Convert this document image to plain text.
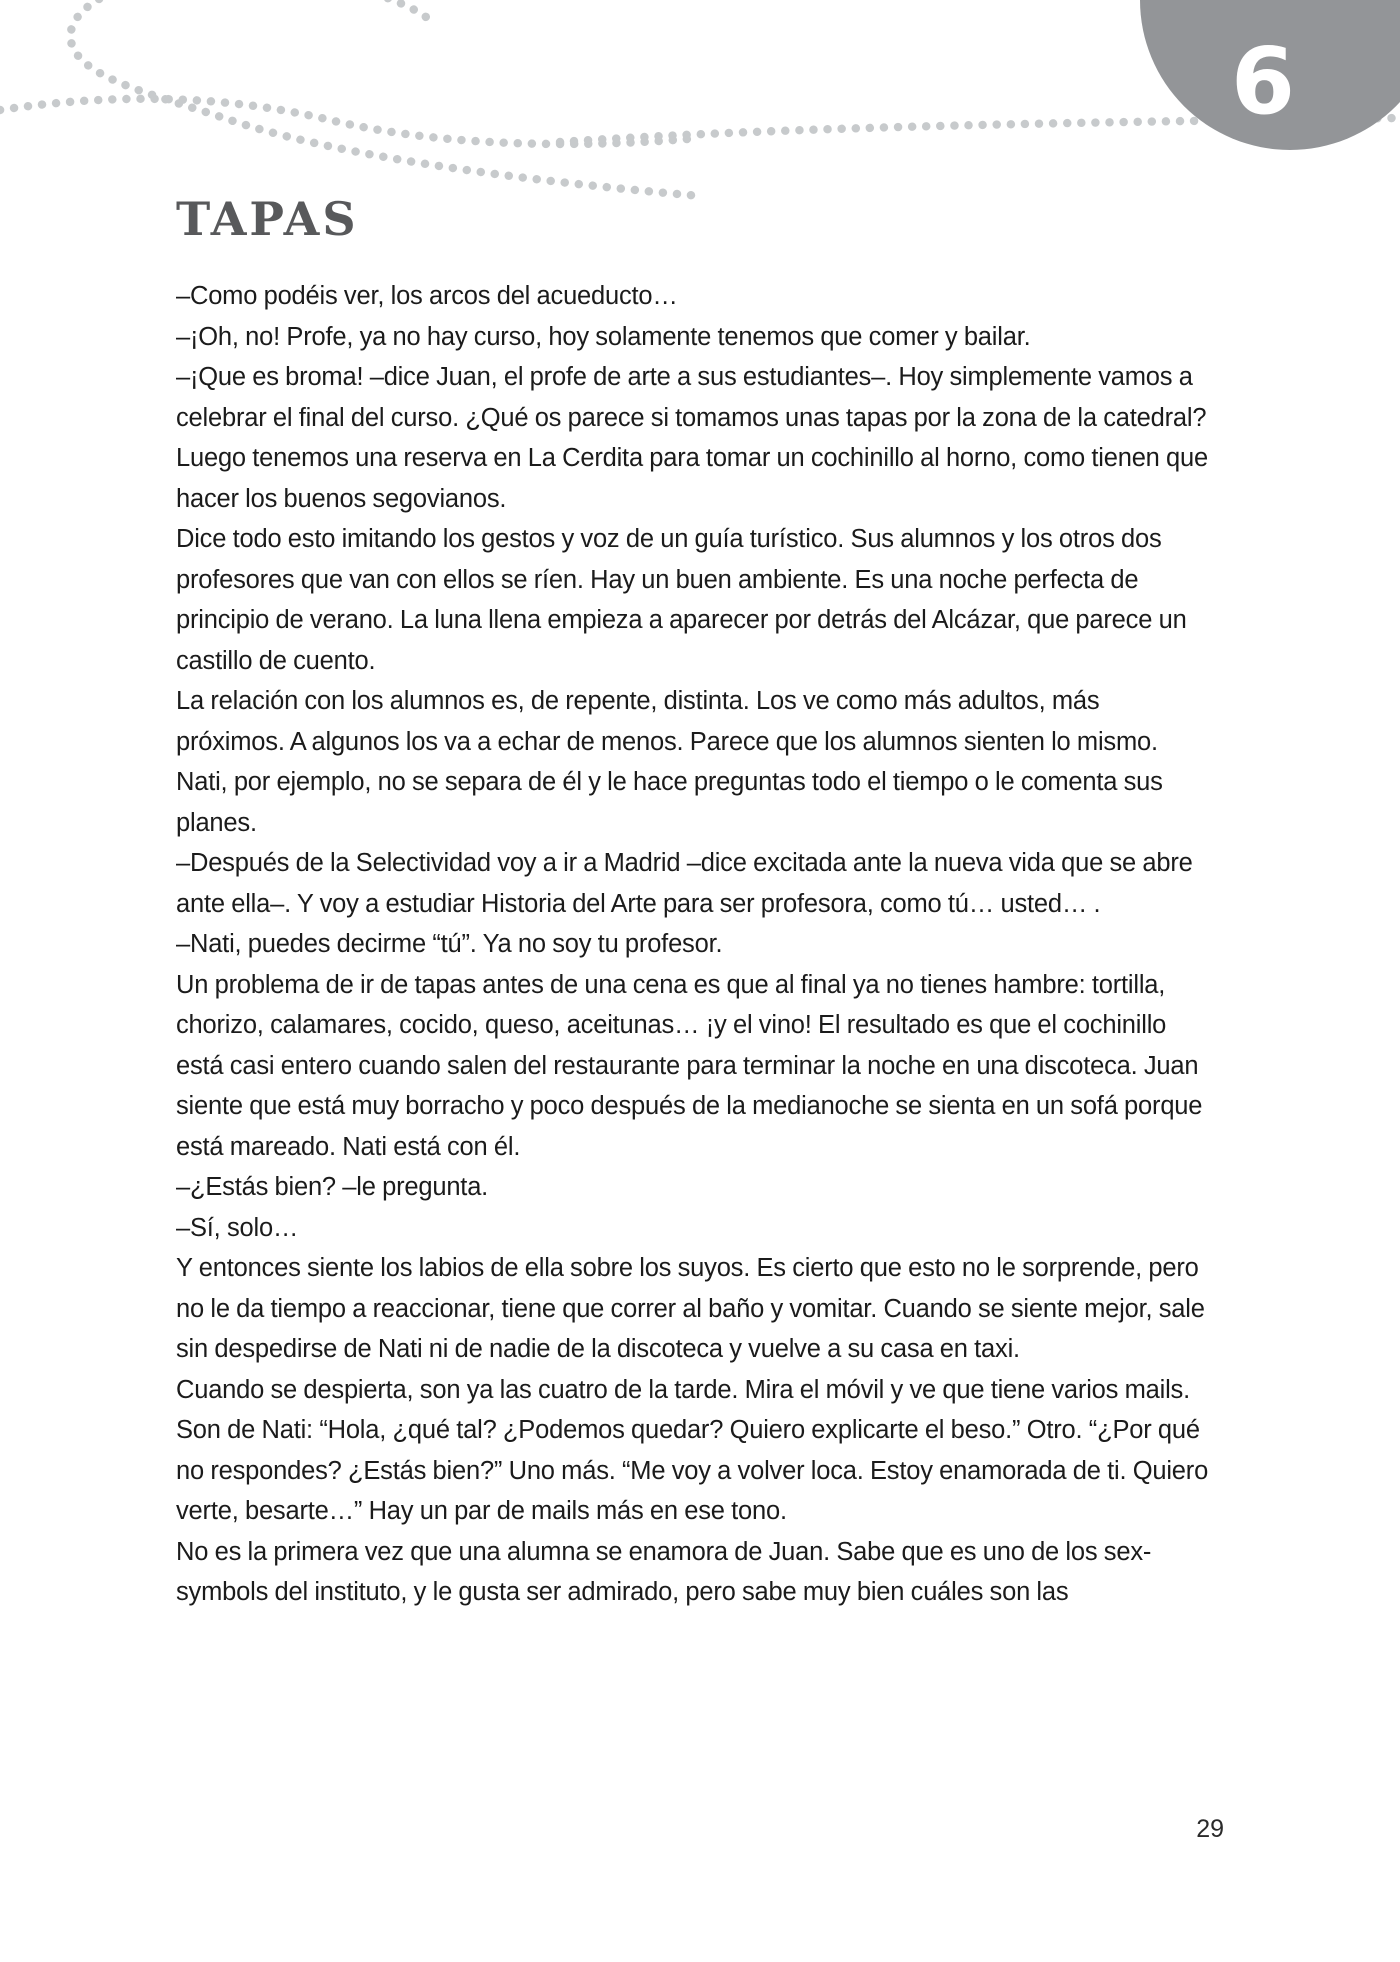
6
TAPAS

–Como podéis ver, los arcos del acueducto…

–¡Oh, no! Profe, ya no hay curso, hoy solamente tenemos que comer y bailar.

–¡Que es broma! –dice Juan, el profe de arte a sus estudiantes–. Hoy simplemente vamos a celebrar el final del curso. ¿Qué os parece si tomamos unas tapas por la zona de la catedral? Luego tenemos una reserva en La Cerdita para tomar un cochinillo al horno, como tienen que hacer los buenos segovianos.

Dice todo esto imitando los gestos y voz de un guía turístico. Sus alumnos y los otros dos profesores que van con ellos se ríen. Hay un buen ambiente. Es una noche perfecta de principio de verano. La luna llena empieza a aparecer por detrás del Alcázar, que parece un castillo de cuento.

La relación con los alumnos es, de repente, distinta. Los ve como más adultos, más próximos. A algunos los va a echar de menos. Parece que los alumnos sienten lo mismo. Nati, por ejemplo, no se separa de él y le hace preguntas todo el tiempo o le comenta sus planes.

–Después de la Selectividad voy a ir a Madrid –dice excitada ante la nueva vida que se abre ante ella–. Y voy a estudiar Historia del Arte para ser profesora, como tú… usted… .

–Nati, puedes decirme “tú”. Ya no soy tu profesor.

Un problema de ir de tapas antes de una cena es que al final ya no tienes hambre: tortilla, chorizo, calamares, cocido, queso, aceitunas… ¡y el vino! El resultado es que el cochinillo está casi entero cuando salen del restaurante para terminar la noche en una discoteca. Juan siente que está muy borracho y poco después de la medianoche se sienta en un sofá porque está mareado. Nati está con él.

–¿Estás bien? –le pregunta.

–Sí, solo…

Y entonces siente los labios de ella sobre los suyos. Es cierto que esto no le sorprende, pero no le da tiempo a reaccionar, tiene que correr al baño y vomitar. Cuando se siente mejor, sale sin despedirse de Nati ni de nadie de la discoteca y vuelve a su casa en taxi.

Cuando se despierta, son ya las cuatro de la tarde. Mira el móvil y ve que tiene varios mails. Son de Nati: “Hola, ¿qué tal? ¿Podemos quedar? Quiero explicarte el beso.” Otro. “¿Por qué no respondes? ¿Estás bien?” Uno más. “Me voy a volver loca. Estoy enamorada de ti. Quiero verte, besarte…” Hay un par de mails más en ese tono.

No es la primera vez que una alumna se enamora de Juan. Sabe que es uno de los sex-symbols del instituto, y le gusta ser admirado, pero sabe muy bien cuáles son las

29
